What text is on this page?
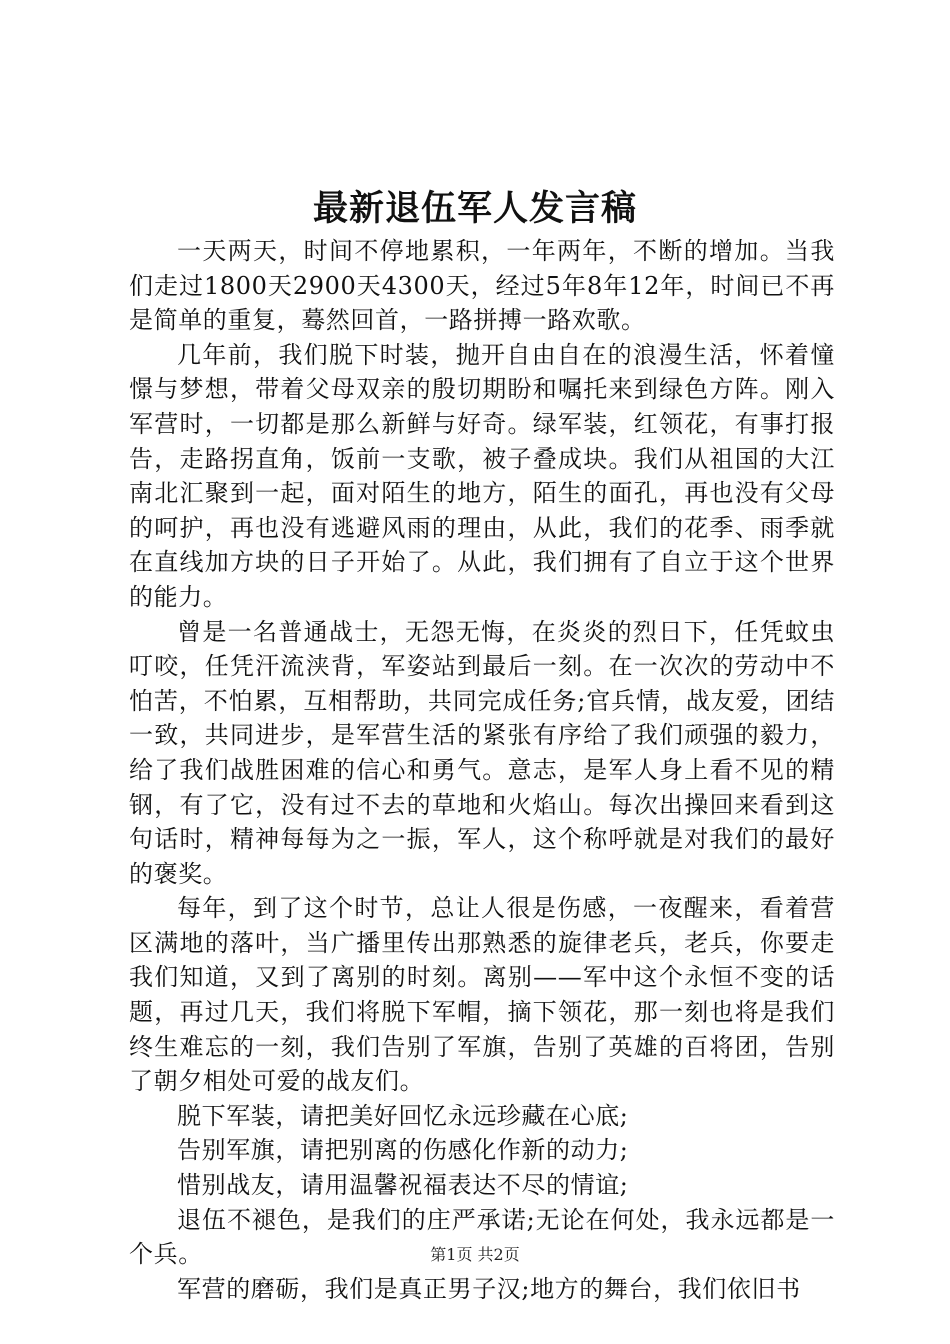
最新退伍军人发言稿

一天两天，时间不停地累积，一年两年，不断的增加。当我们走过1800天2900天4300天，经过5年8年12年，时间已不再是简单的重复，蓦然回首，一路拼搏一路欢歌。

几年前，我们脱下时装，抛开自由自在的浪漫生活，怀着憧憬与梦想，带着父母双亲的殷切期盼和嘱托来到绿色方阵。刚入军营时，一切都是那么新鲜与好奇。绿军装，红领花，有事打报告，走路拐直角，饭前一支歌，被子叠成块。我们从祖国的大江南北汇聚到一起，面对陌生的地方，陌生的面孔，再也没有父母的呵护，再也没有逃避风雨的理由，从此，我们的花季、雨季就在直线加方块的日子开始了。从此，我们拥有了自立于这个世界的能力。

曾是一名普通战士，无怨无悔，在炎炎的烈日下，任凭蚊虫叮咬，任凭汗流浃背，军姿站到最后一刻。在一次次的劳动中不怕苦，不怕累，互相帮助，共同完成任务;官兵情，战友爱，团结一致，共同进步，是军营生活的紧张有序给了我们顽强的毅力，给了我们战胜困难的信心和勇气。意志，是军人身上看不见的精钢，有了它，没有过不去的草地和火焰山。每次出操回来看到这句话时，精神每每为之一振，军人，这个称呼就是对我们的最好的褒奖。

每年，到了这个时节，总让人很是伤感，一夜醒来，看着营区满地的落叶，当广播里传出那熟悉的旋律老兵，老兵，你要走我们知道，又到了离别的时刻。离别——军中这个永恒不变的话题，再过几天，我们将脱下军帽，摘下领花，那一刻也将是我们终生难忘的一刻，我们告别了军旗，告别了英雄的百将团，告别了朝夕相处可爱的战友们。

脱下军装，请把美好回忆永远珍藏在心底;

告别军旗，请把别离的伤感化作新的动力;

惜别战友，请用温馨祝福表达不尽的情谊;

退伍不褪色，是我们的庄严承诺;无论在何处，我永远都是一个兵。

军营的磨砺，我们是真正男子汉;地方的舞台，我们依旧书

第1页 共2页
